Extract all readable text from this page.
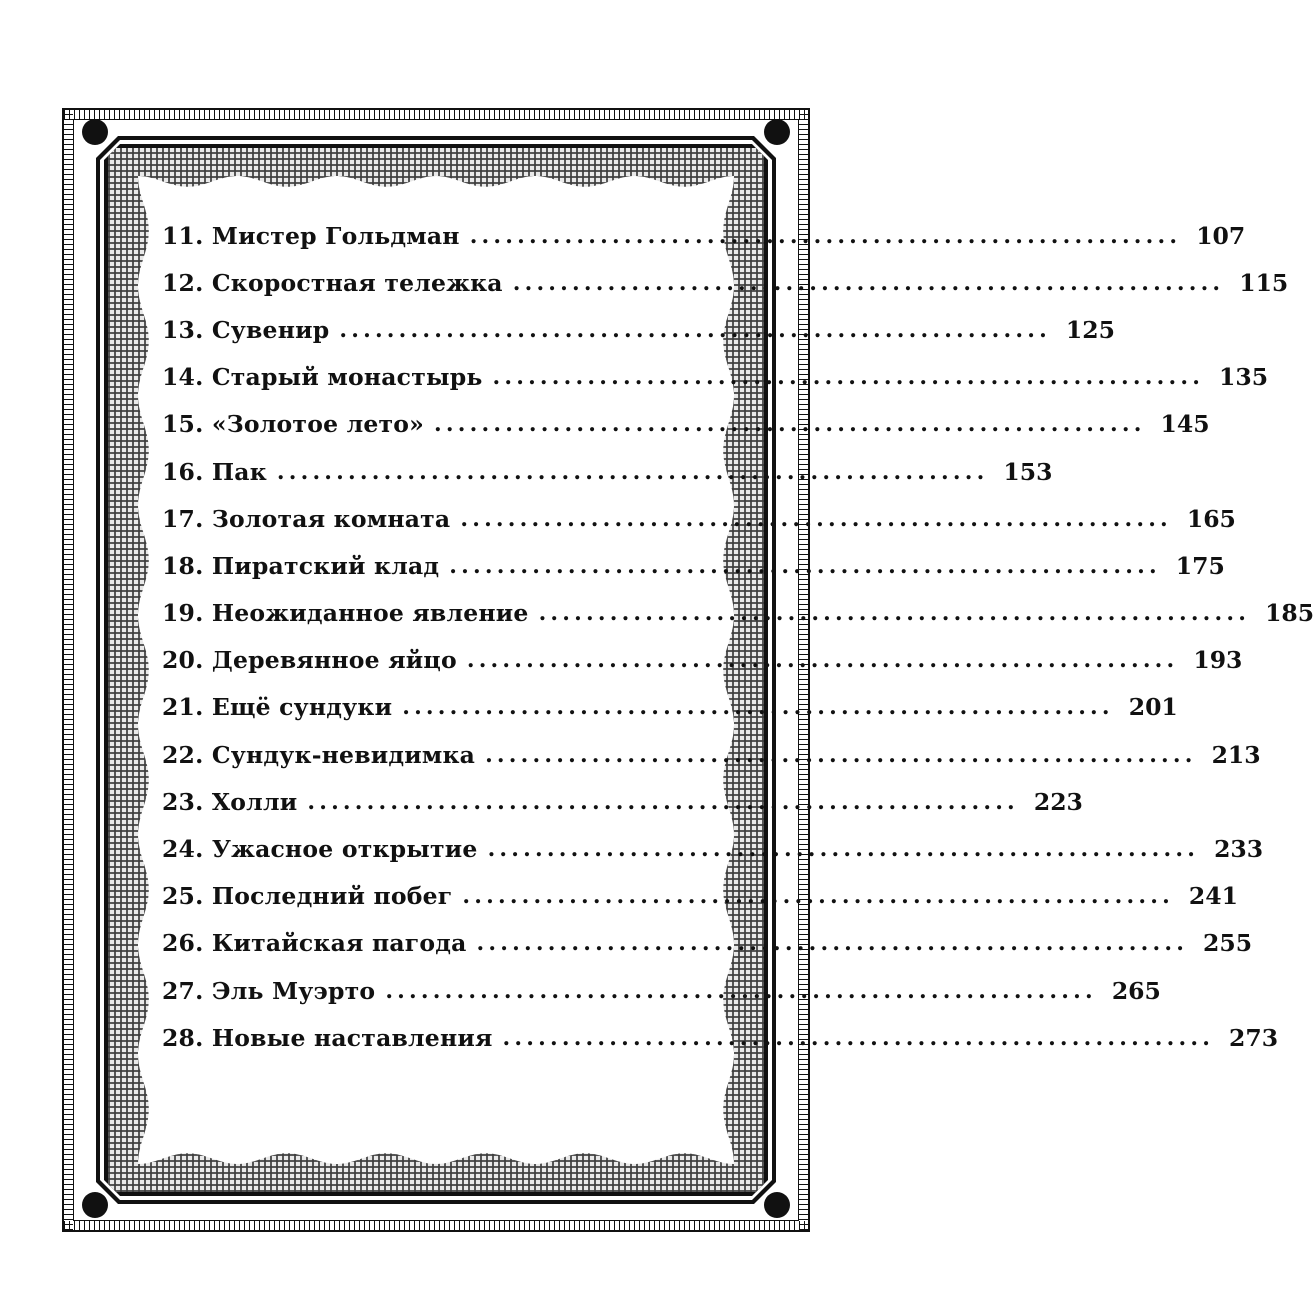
11. Мистер Гольдман ............................................................ 107
12. Скоростная тележка ............................................................ 115
13. Сувенир ............................................................ 125
14. Старый монастырь ............................................................ 135
15. «Золотое лето» ............................................................ 145
16. Пак ............................................................ 153
17. Золотая комната ............................................................ 165
18. Пиратский клад ............................................................ 175
19. Неожиданное явление ............................................................ 185
20. Деревянное яйцо ............................................................ 193
21. Ещё сундуки ............................................................ 201
22. Сундук-невидимка ............................................................ 213
23. Холли ............................................................ 223
24. Ужасное открытие ............................................................ 233
25. Последний побег ............................................................ 241
26. Китайская пагода ............................................................ 255
27. Эль Муэрто ............................................................ 265
28. Новые наставления ............................................................ 273
